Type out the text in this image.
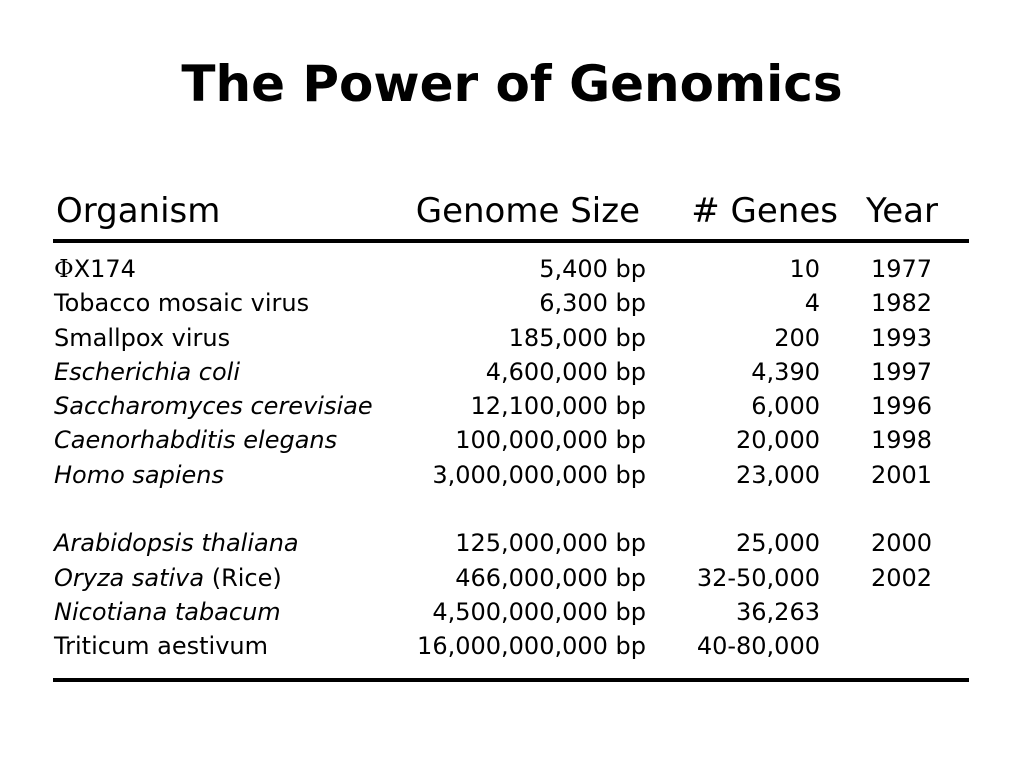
The Power of Genomics
Organism	Genome Size # Genes Year
ΦX174	5,400 bp	10 1977
Tobacco mosaic virus	6,300 bp	4 1982
Smallpox virus	185,000 bp	200 1993
Escherichia coli	4,600,000 bp	4,390 1997
Saccharomyces cerevisiae	12,100,000 bp	6,000 1996
Caenorhabditis elegans	100,000,000 bp	20,000 1998
Homo sapiens	3,000,000,000 bp	23,000 2001
Arabidopsis thaliana	125,000,000 bp	25,000 2000
Oryza sativa (Rice)	466,000,000 bp 32-50,000 2002
Nicotiana tabacum	4,500,000,000 bp	36,263
Triticum aestivum	16,000,000,000 bp 40-80,000
